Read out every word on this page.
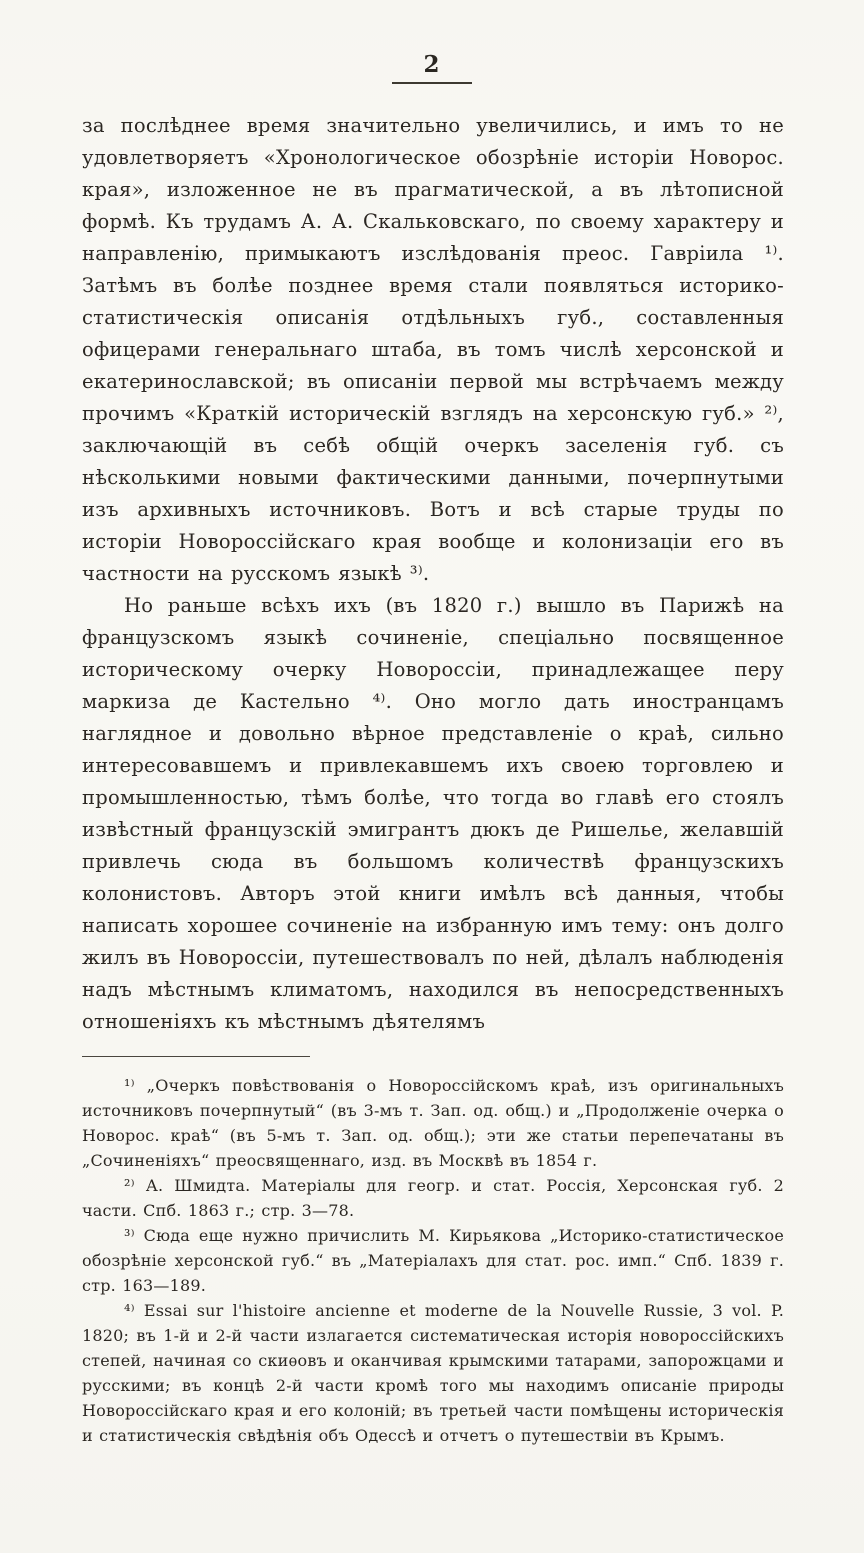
2

за послѣднее время значительно увеличились, и имъ то не удовлетворяетъ «Хронологическое обозрѣніе исторіи Новорос. края», изложенное не въ прагматической, а въ лѣтописной формѣ. Къ трудамъ А. А. Скальковскаго, по своему характеру и направленію, примыкаютъ изслѣдованія преос. Гавріила ¹⁾. Затѣмъ въ болѣе позднее время стали появляться историко-статистическія описанія отдѣльныхъ губ., составленныя офицерами генеральнаго штаба, въ томъ числѣ херсонской и екатеринославской; въ описаніи первой мы встрѣчаемъ между прочимъ «Краткій историческій взглядъ на херсонскую губ.» ²⁾, заключающій въ себѣ общій очеркъ заселенія губ. съ нѣсколькими новыми фактическими данными, почерпнутыми изъ архивныхъ источниковъ. Вотъ и всѣ старые труды по исторіи Новороссійскаго края вообще и колонизаціи его въ частности на русскомъ языкѣ ³⁾.

Но раньше всѣхъ ихъ (въ 1820 г.) вышло въ Парижѣ на французскомъ языкѣ сочиненіе, спеціально посвященное историческому очерку Новороссіи, принадлежащее перу маркиза де Кастельно ⁴⁾. Оно могло дать иностранцамъ наглядное и довольно вѣрное представленіе о краѣ, сильно интересовавшемъ и привлекавшемъ ихъ своею торговлею и промышленностью, тѣмъ болѣе, что тогда во главѣ его стоялъ извѣстный французскій эмигрантъ дюкъ де Ришелье, желавшій привлечь сюда въ большомъ количествѣ французскихъ колонистовъ. Авторъ этой книги имѣлъ всѣ данныя, чтобы написать хорошее сочиненіе на избранную имъ тему: онъ долго жилъ въ Новороссіи, путешествовалъ по ней, дѣлалъ наблюденія надъ мѣстнымъ климатомъ, находился въ непосредственныхъ отношеніяхъ къ мѣстнымъ дѣятелямъ

¹⁾ „Очеркъ повѣствованія о Новороссійскомъ краѣ, изъ оригинальныхъ источниковъ почерпнутый“ (въ 3-мъ т. Зап. од. общ.) и „Продолженіе очерка о Новорос. краѣ“ (въ 5-мъ т. Зап. од. общ.); эти же статьи перепечатаны въ „Сочиненіяхъ“ преосвященнаго, изд. въ Москвѣ въ 1854 г.

²⁾ А. Шмидта. Матеріалы для геогр. и стат. Россія, Херсонская губ. 2 части. Спб. 1863 г.; стр. 3—78.

³⁾ Сюда еще нужно причислить М. Кирьякова „Историко-статистическое обозрѣніе херсонской губ.“ въ „Матеріалахъ для стат. рос. имп.“ Спб. 1839 г. стр. 163—189.

⁴⁾ Essai sur l'histoire ancienne et moderne de la Nouvelle Russie, 3 vol. P. 1820; въ 1-й и 2-й части излагается систематическая исторія новороссійскихъ степей, начиная со скиѳовъ и оканчивая крымскими татарами, запорожцами и русскими; въ концѣ 2-й части кромѣ того мы находимъ описаніе природы Новороссійскаго края и его колоній; въ третьей части помѣщены историческія и статистическія свѣдѣнія объ Одессѣ и отчетъ о путешествіи въ Крымъ.
